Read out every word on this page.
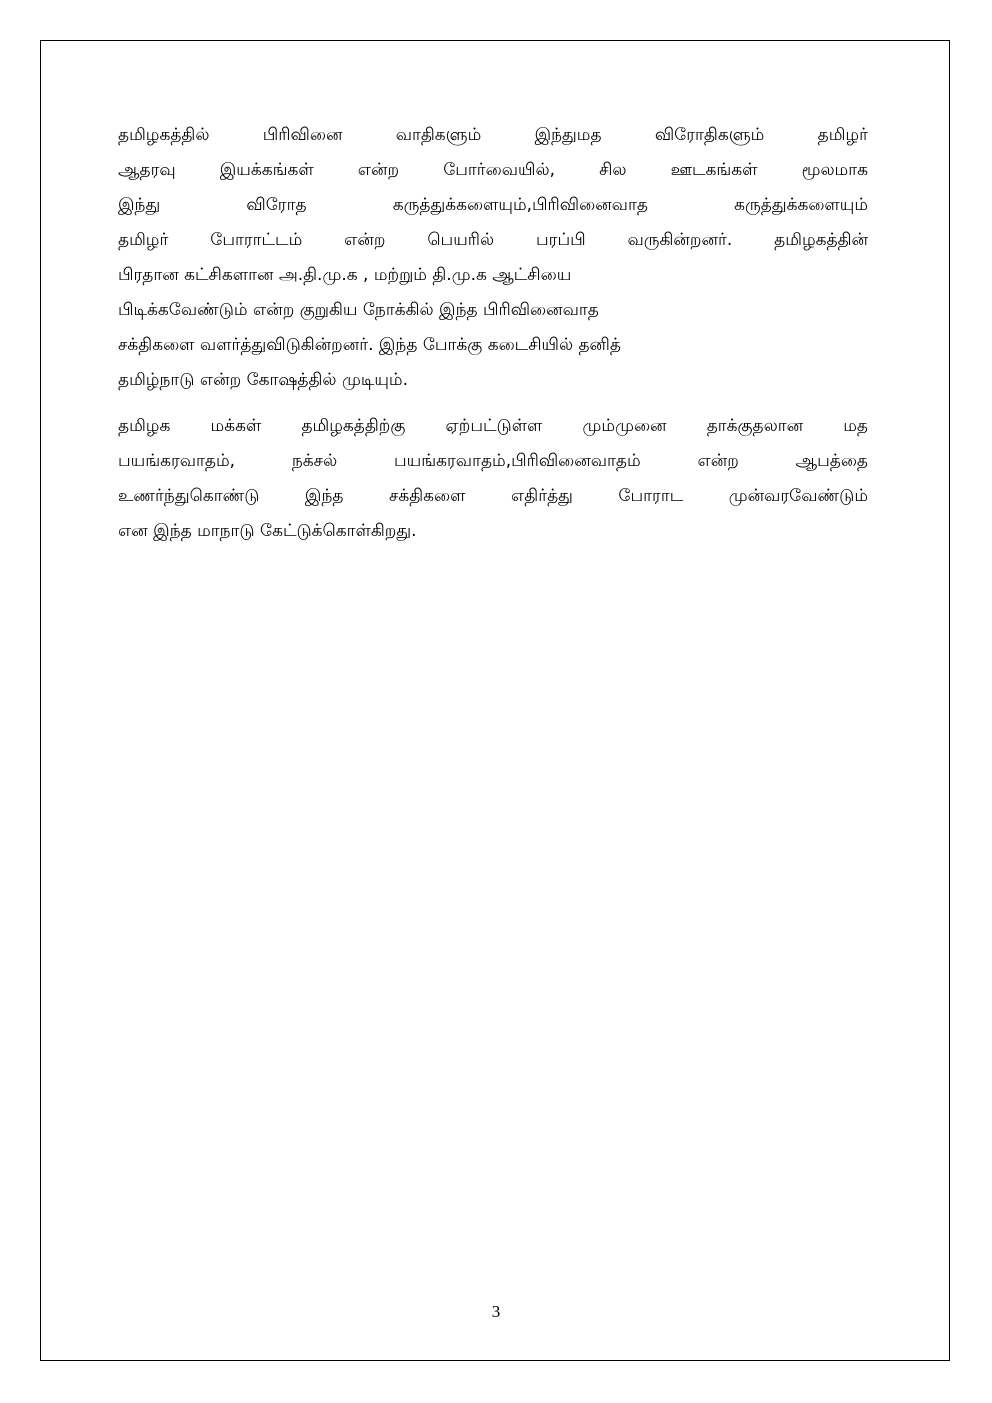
தமிழகத்தில் பிரிவினை வாதிகளும் இந்துமத விரோதிகளும் தமிழர்
ஆதரவு இயக்கங்கள் என்ற போர்வையில், சில ஊடகங்கள் மூலமாக
இந்து விரோத கருத்துக்களையும்,பிரிவினைவாத கருத்துக்களையும்
தமிழர் போராட்டம் என்ற பெயரில் பரப்பி வருகின்றனர். தமிழகத்தின்
பிரதான கட்சிகளான அ.தி.மு.க , மற்றும் தி.மு.க ஆட்சியை
பிடிக்கவேண்டும் என்ற குறுகிய நோக்கில் இந்த பிரிவினைவாத
சக்திகளை வளர்த்துவிடுகின்றனர். இந்த போக்கு கடைசியில் தனித்
தமிழ்நாடு என்ற கோஷத்தில் முடியும்.
தமிழக மக்கள் தமிழகத்திற்கு ஏற்பட்டுள்ள மும்முனை தாக்குதலான மத
பயங்கரவாதம், நக்சல் பயங்கரவாதம்,பிரிவினைவாதம் என்ற ஆபத்தை
உணர்ந்துகொண்டு இந்த சக்திகளை எதிர்த்து போராட முன்வரவேண்டும்
என இந்த மாநாடு கேட்டுக்கொள்கிறது.
3
